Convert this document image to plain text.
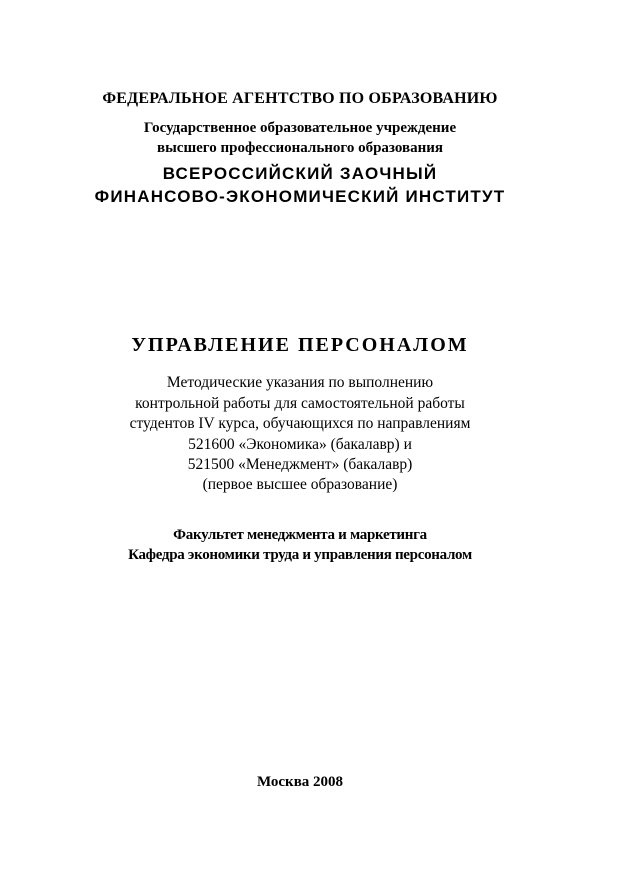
ФЕДЕРАЛЬНОЕ АГЕНТСТВО ПО ОБРАЗОВАНИЮ
Государственное образовательное учреждение
высшего профессионального образования
ВСЕРОССИЙСКИЙ ЗАОЧНЫЙ
ФИНАНСОВО-ЭКОНОМИЧЕСКИЙ ИНСТИТУТ
УПРАВЛЕНИЕ ПЕРСОНАЛОМ
Методические указания по выполнению
контрольной работы для самостоятельной работы
студентов IV курса, обучающихся по направлениям
521600 «Экономика» (бакалавр) и
521500 «Менеджмент» (бакалавр)
(первое высшее образование)
Факультет менеджмента и маркетинга
Кафедра экономики труда и управления персоналом
Москва 2008
